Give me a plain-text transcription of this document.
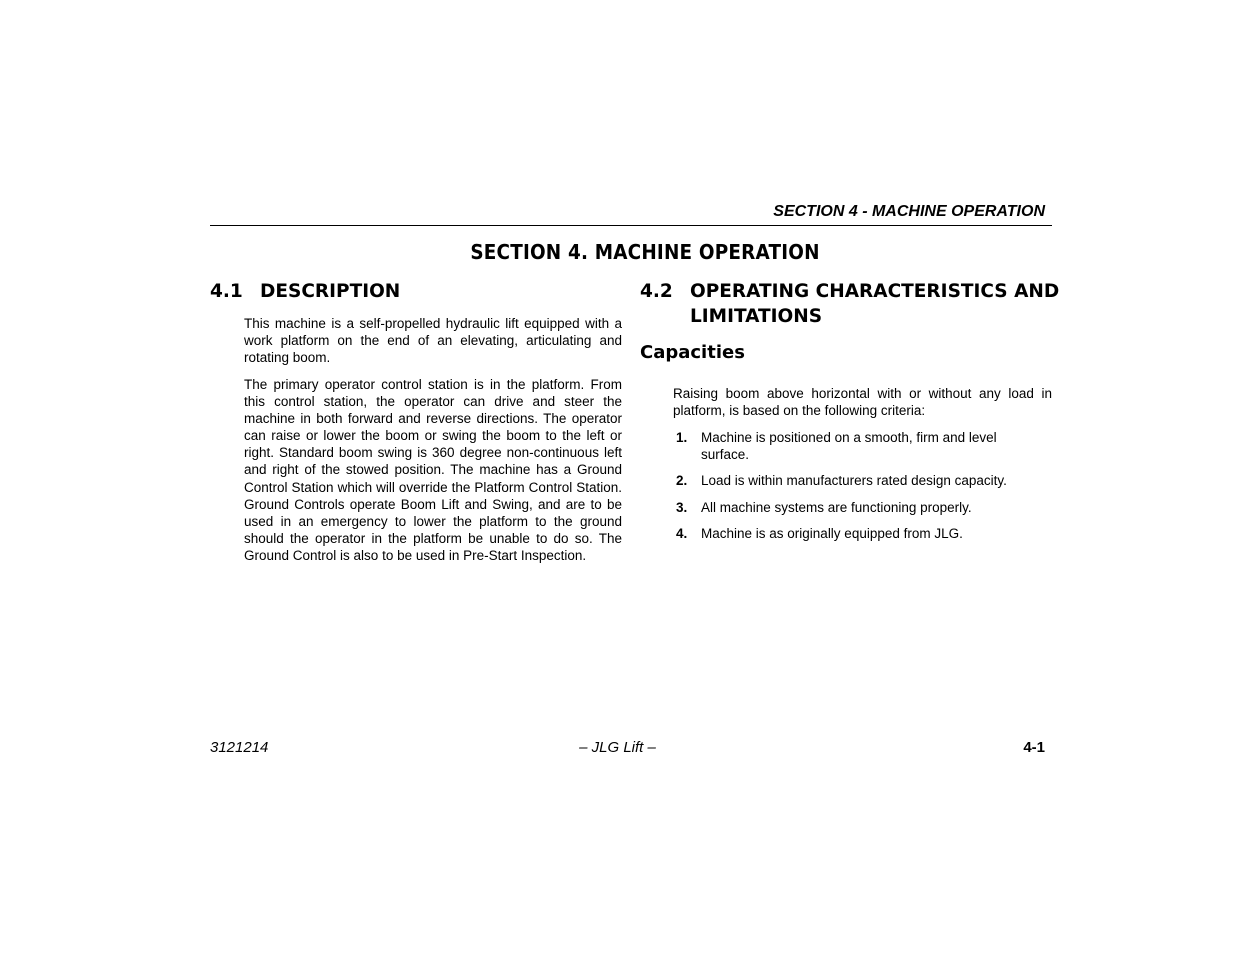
SECTION 4 - MACHINE OPERATION
SECTION 4. MACHINE OPERATION
4.1 DESCRIPTION

This machine is a self-propelled hydraulic lift equipped with a work platform on the end of an elevating, articulating and rotating boom.

The primary operator control station is in the platform. From this control station, the operator can drive and steer the machine in both forward and reverse directions. The operator can raise or lower the boom or swing the boom to the left or right. Standard boom swing is 360 degree non-continuous left and right of the stowed position. The machine has a Ground Control Station which will override the Platform Control Station. Ground Controls operate Boom Lift and Swing, and are to be used in an emergency to lower the platform to the ground should the operator in the platform be unable to do so. The Ground Control is also to be used in Pre-Start Inspection.

4.2 OPERATING CHARACTERISTICS AND
LIMITATIONS
Capacities

Raising boom above horizontal with or without any load in platform, is based on the following criteria:

1. Machine is positioned on a smooth, firm and level surface.
2. Load is within manufacturers rated design capacity.
3. All machine systems are functioning properly.
4. Machine is as originally equipped from JLG.
3121214	– JLG Lift –	4-1
